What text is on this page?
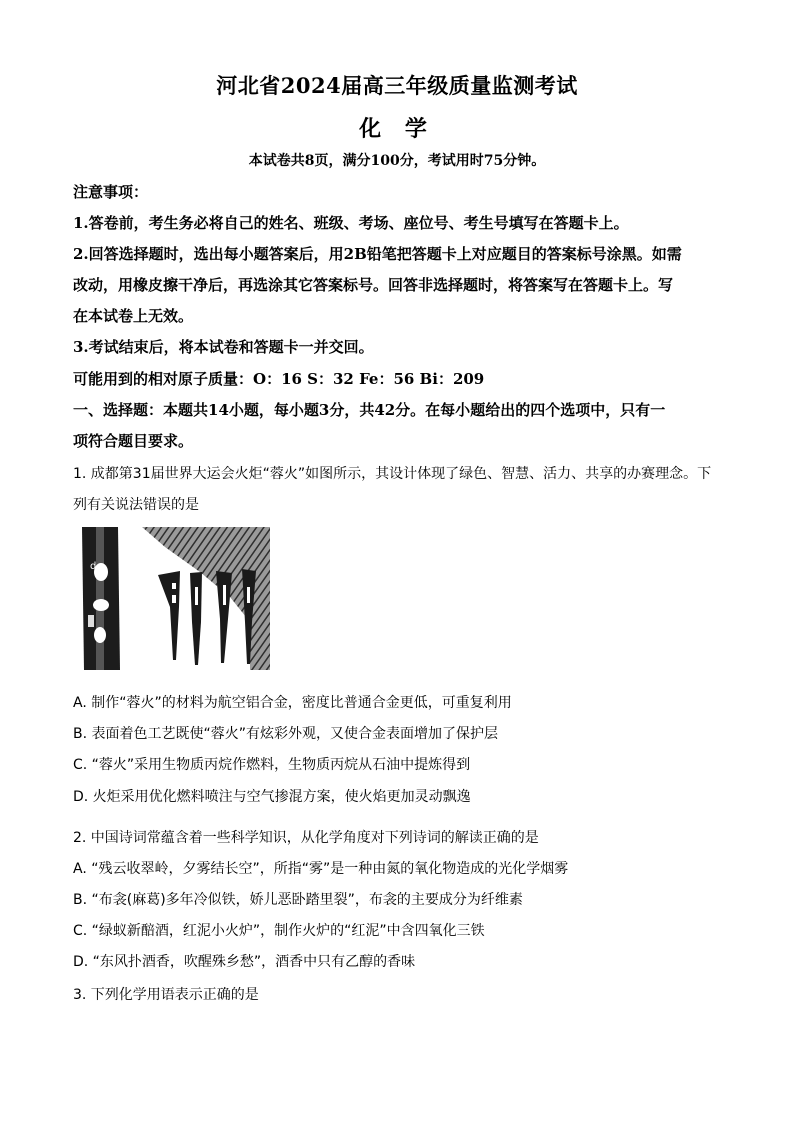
河北省2024届高三年级质量监测考试
化 学
本试卷共8页，满分100分，考试用时75分钟。
注意事项：
1.答卷前，考生务必将自己的姓名、班级、考场、座位号、考生号填写在答题卡上。
2.回答选择题时，选出每小题答案后，用2B铅笔把答题卡上对应题目的答案标号涂黑。如需
改动，用橡皮擦干净后，再选涂其它答案标号。回答非选择题时，将答案写在答题卡上。写
在本试卷上无效。
3.考试结束后，将本试卷和答题卡一并交回。
可能用到的相对原子质量：O：16 S：32 Fe：56 Bi：209
一、选择题：本题共14小题，每小题3分，共42分。在每小题给出的四个选项中，只有一
项符合题目要求。
1. 成都第31届世界大运会火炬“蓉火”如图所示，其设计体现了绿色、智慧、活力、共享的办赛理念。下
列有关说法错误的是
d
A. 制作“蓉火”的材料为航空铝合金，密度比普通合金更低，可重复利用
B. 表面着色工艺既使“蓉火”有炫彩外观，又使合金表面增加了保护层
C. “蓉火”采用生物质丙烷作燃料，生物质丙烷从石油中提炼得到
D. 火炬采用优化燃料喷注与空气掺混方案，使火焰更加灵动飘逸
2. 中国诗词常蕴含着一些科学知识，从化学角度对下列诗词的解读正确的是
A. “残云收翠岭，夕雾结长空”，所指“雾”是一种由氮的氧化物造成的光化学烟雾
B. “布衾(麻葛)多年冷似铁，娇儿恶卧踏里裂”，布衾的主要成分为纤维素
C. “绿蚁新醅酒，红泥小火炉”，制作火炉的“红泥”中含四氧化三铁
D. “东风扑酒香，吹醒殊乡愁”，酒香中只有乙醇的香味
3. 下列化学用语表示正确的是
